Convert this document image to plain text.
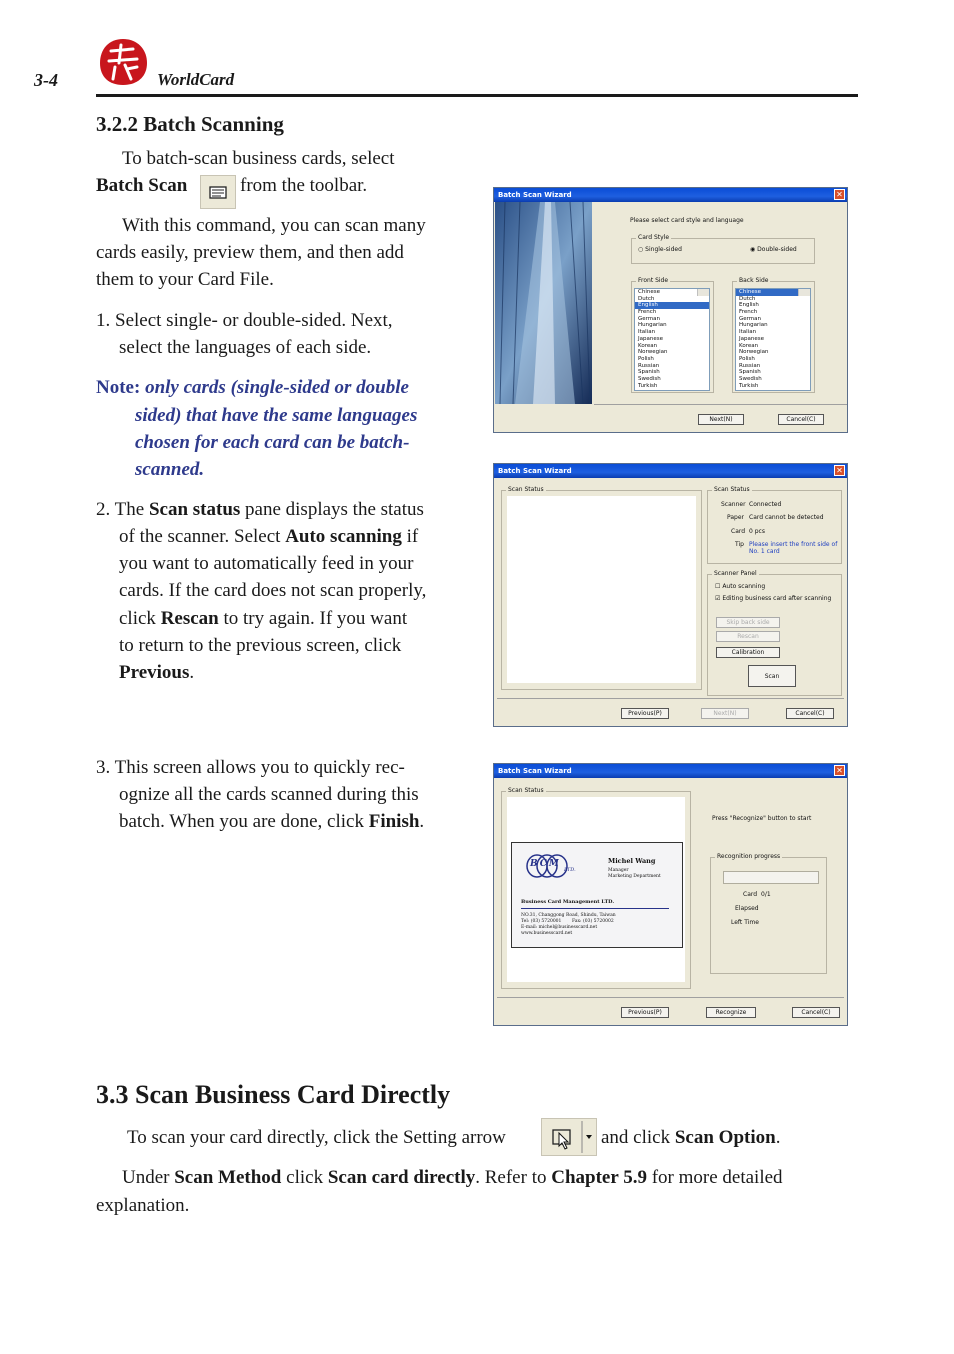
3-4	WorldCard
3.2.2 Batch Scanning
To batch-scan business cards, select
Batch Scan	from the toolbar.
With this command, you can scan many
cards easily, preview them, and then add
them to your Card File.
1. Select single- or double-sided. Next,
select the languages of each side.
Note: only cards (single-sided or double
sided) that have the same languages
chosen for each card can be batch-
scanned.
2. The Scan status pane displays the status
of the scanner. Select Auto scanning if
you want to automatically feed in your
cards. If the card does not scan properly,
click Rescan to try again. If you want
to return to the previous screen, click
Previous.
3. This screen allows you to quickly rec-
ognize all the cards scanned during this
batch. When you are done, click Finish.
Batch Scan Wizard	✕
Please select card style and language
Card Style
○ Single-sided	◉ Double-sided
Front Side
Chinese
Dutch
English
French
German
Hungarian
Italian
Japanese
Korean
Norwegian
Polish
Russian
Spanish
Swedish
Turkish
Back Side
Chinese
Dutch
English
French
German
Hungarian
Italian
Japanese
Korean
Norwegian
Polish
Russian
Spanish
Swedish
Turkish
Next(N)	Cancel(C)
Batch Scan Wizard	✕
Scan Status	Scan Status
Scanner Connected
Paper Card cannot be detected
Card 0 pcs
Tip Please insert the front side of
No. 1 card
Scanner Panel
☐ Auto scanning
☑ Editing business card after scanning
Skip back side
Rescan
Calibration
Scan
Previous(P)	Next(N)	Cancel(C)
Batch Scan Wizard	✕
Scan Status
BCM
LTD.
Michel Wang
Manager
Marketing Department
Business Card Management LTD.
NO.31, Changgong Road, Shindu, Taiwan
Tel: (03) 5720001 Fax: (03) 5720002
E-mail: michel@businesscard.net
www.businesscard.net
Press "Recognize" button to start
Recognition progress
Card 0/1
Elapsed
Left Time
Previous(P)	Recognize	Cancel(C)
3.3 Scan Business Card Directly
To scan your card directly, click the Setting arrow	and click Scan Option.
Under Scan Method click Scan card directly. Refer to Chapter 5.9 for more detailed
explanation.
